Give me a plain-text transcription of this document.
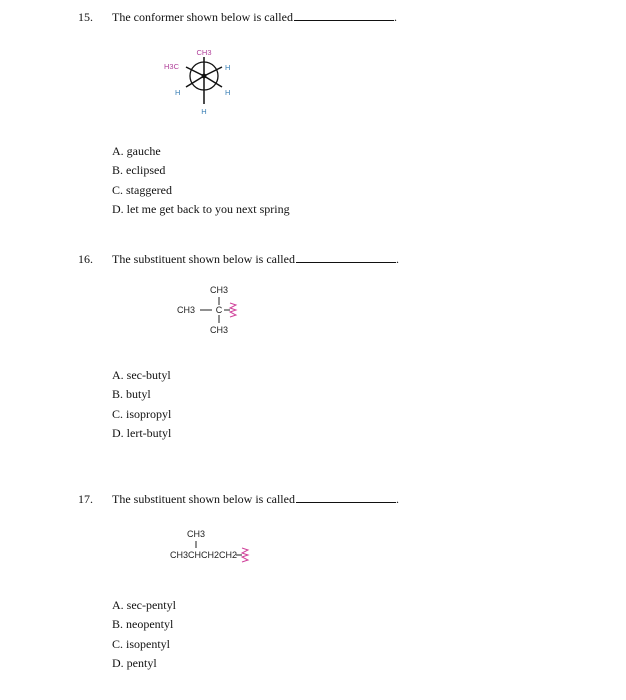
15. The conformer shown below is called	.
CH3
H3C	H
H	H
H
A. gauche
B. eclipsed
C. staggered
D. let me get back to you next spring
16. The substituent shown below is called	.
CH3
CH3 C
CH3
A. sec-butyl
B. butyl
C. isopropyl
D. lert-butyl
17. The substituent shown below is called	.
CH3
CH3CHCH2CH2
A. sec-pentyl
B. neopentyl
C. isopentyl
D. pentyl
